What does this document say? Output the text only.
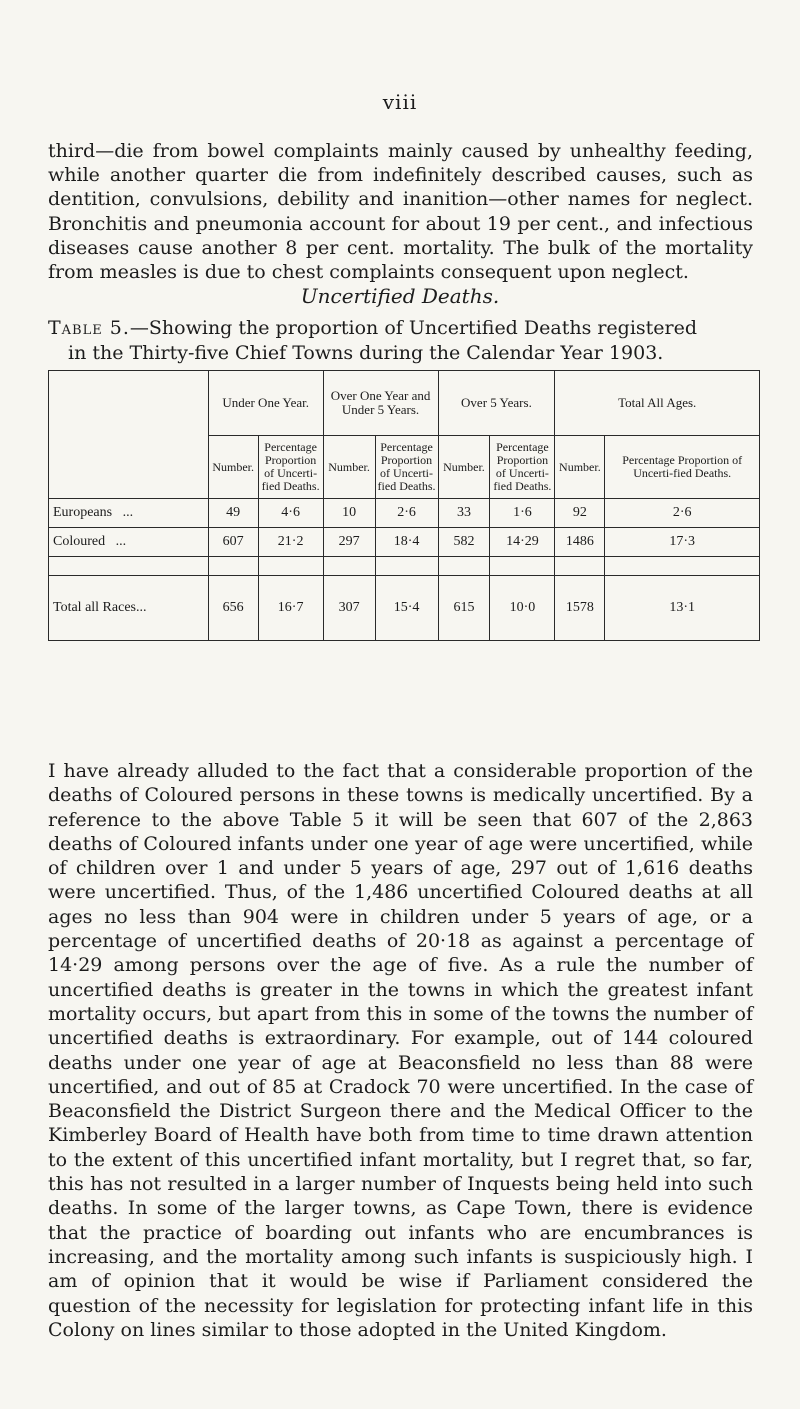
viii

third—die from bowel complaints mainly caused by unhealthy feeding, while another quarter die from indefinitely described causes, such as dentition, convulsions, debility and inanition—other names for neglect. Bronchitis and pneumonia account for about 19 per cent., and infectious diseases cause another 8 per cent. mortality. The bulk of the mortality from measles is due to chest complaints consequent upon neglect.

Uncertified Deaths.

Table 5.—Showing the proportion of Uncertified Deaths registered
in the Thirty-five Chief Towns during the Calendar Year 1903.

	Under One Year.		Over One Year and Under 5 Years.		Over 5 Years.		Total All Ages.	
	Number.	Percentage Proportion of Uncerti-fied Deaths.	Number.	Percentage Proportion of Uncerti-fied Deaths.	Number.	Percentage Proportion of Uncerti-fied Deaths.	Number.	Percentage Proportion of Uncerti-fied Deaths.
Europeans ...	49	4·6	10	2·6	33	1·6	92	2·6
Coloured ...	607	21·2	297	18·4	582	14·29	1486	17·3

Total all Races...	656	16·7	307	15·4	615	10·0	1578	13·1

I have already alluded to the fact that a considerable proportion of the deaths of Coloured persons in these towns is medically uncertified. By a reference to the above Table 5 it will be seen that 607 of the 2,863 deaths of Coloured infants under one year of age were uncertified, while of children over 1 and under 5 years of age, 297 out of 1,616 deaths were uncertified. Thus, of the 1,486 uncertified Coloured deaths at all ages no less than 904 were in children under 5 years of age, or a percentage of uncertified deaths of 20·18 as against a percentage of 14·29 among persons over the age of five. As a rule the number of uncertified deaths is greater in the towns in which the greatest infant mortality occurs, but apart from this in some of the towns the number of uncertified deaths is extraordinary. For example, out of 144 coloured deaths under one year of age at Beaconsfield no less than 88 were uncertified, and out of 85 at Cradock 70 were uncertified. In the case of Beaconsfield the District Surgeon there and the Medical Officer to the Kimberley Board of Health have both from time to time drawn attention to the extent of this uncertified infant mortality, but I regret that, so far, this has not resulted in a larger number of Inquests being held into such deaths. In some of the larger towns, as Cape Town, there is evidence that the practice of boarding out infants who are encumbrances is increasing, and the mortality among such infants is suspiciously high. I am of opinion that it would be wise if Parliament considered the question of the necessity for legislation for protecting infant life in this Colony on lines similar to those adopted in the United Kingdom.
